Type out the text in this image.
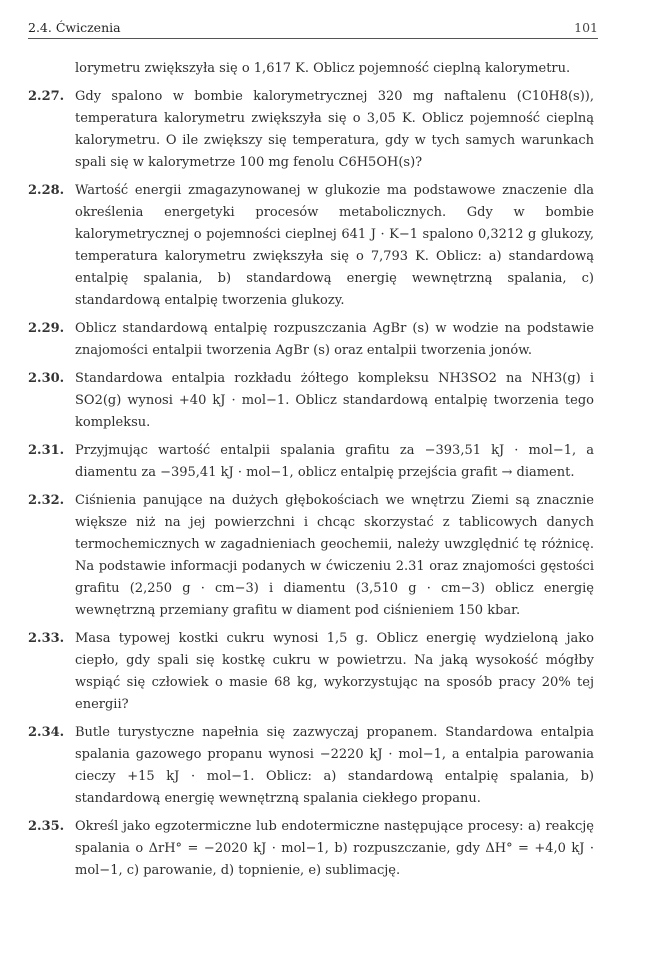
2.4. Ćwiczenia	101
lorymetru zwiększyła się o 1,617 K. Oblicz pojemność cieplną kalorymetru.
2.27. Gdy spalono w bombie kalorymetrycznej 320 mg naftalenu (C10H8(s)), temperatura kalorymetru zwiększyła się o 3,05 K. Oblicz pojemność cieplną kalorymetru. O ile zwiększy się temperatura, gdy w tych samych warunkach spali się w kalorymetrze 100 mg fenolu C6H5OH(s)?
2.28. Wartość energii zmagazynowanej w glukozie ma podstawowe znaczenie dla określenia energetyki procesów metabolicznych. Gdy w bombie kalorymetrycznej o pojemności cieplnej 641 J · K−1 spalono 0,3212 g glukozy, temperatura kalorymetru zwiększyła się o 7,793 K. Oblicz: a) standardową entalpię spalania, b) standardową energię wewnętrzną spalania, c) standardową entalpię tworzenia glukozy.
2.29. Oblicz standardową entalpię rozpuszczania AgBr (s) w wodzie na podstawie znajomości entalpii tworzenia AgBr (s) oraz entalpii tworzenia jonów.
2.30. Standardowa entalpia rozkładu żółtego kompleksu NH3SO2 na NH3(g) i SO2(g) wynosi +40 kJ · mol−1. Oblicz standardową entalpię tworzenia tego kompleksu.
2.31. Przyjmując wartość entalpii spalania grafitu za −393,51 kJ · mol−1, a diamentu za −395,41 kJ · mol−1, oblicz entalpię przejścia grafit → diament.
2.32. Ciśnienia panujące na dużych głębokościach we wnętrzu Ziemi są znacznie większe niż na jej powierzchni i chcąc skorzystać z tablicowych danych termochemicznych w zagadnieniach geochemii, należy uwzględnić tę różnicę. Na podstawie informacji podanych w ćwiczeniu 2.31 oraz znajomości gęstości grafitu (2,250 g · cm−3) i diamentu (3,510 g · cm−3) oblicz energię wewnętrzną przemiany grafitu w diament pod ciśnieniem 150 kbar.
2.33. Masa typowej kostki cukru wynosi 1,5 g. Oblicz energię wydzieloną jako ciepło, gdy spali się kostkę cukru w powietrzu. Na jaką wysokość mógłby wspiąć się człowiek o masie 68 kg, wykorzystując na sposób pracy 20% tej energii?
2.34. Butle turystyczne napełnia się zazwyczaj propanem. Standardowa entalpia spalania gazowego propanu wynosi −2220 kJ · mol−1, a entalpia parowania cieczy +15 kJ · mol−1. Oblicz: a) standardową entalpię spalania, b) standardową energię wewnętrzną spalania ciekłego propanu.
2.35. Określ jako egzotermiczne lub endotermiczne następujące procesy: a) reakcję spalania o ΔrH° = −2020 kJ · mol−1, b) rozpuszczanie, gdy ΔH° = +4,0 kJ · mol−1, c) parowanie, d) topnienie, e) sublimację.
